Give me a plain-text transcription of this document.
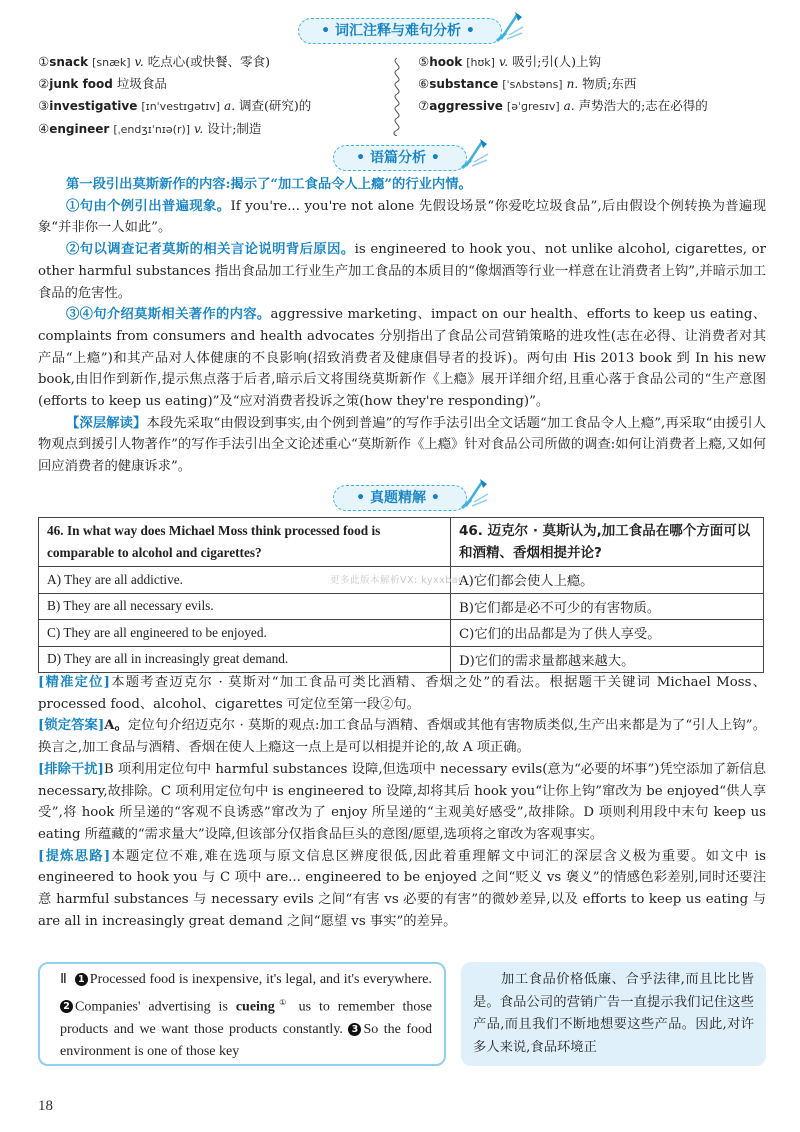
• 词汇注释与难句分析 •
①snack [snæk] v. 吃点心(或快餐、零食)
②junk food 垃圾食品
③investigative [ɪnˈvestɪɡətɪv] a. 调查(研究)的
④engineer [ˌendʒɪˈnɪə(r)] v. 设计;制造
⑤hook [hʊk] v. 吸引;引(人)上钩
⑥substance [ˈsʌbstəns] n. 物质;东西
⑦aggressive [əˈɡresɪv] a. 声势浩大的;志在必得的
• 语篇分析 •

第一段引出莫斯新作的内容:揭示了“加工食品令人上瘾”的行业内情。

①句由个例引出普遍现象。If you're... you're not alone 先假设场景“你爱吃垃圾食品”,后由假设个例转换为普遍现象“并非你一人如此”。

②句以调查记者莫斯的相关言论说明背后原因。is engineered to hook you、not unlike alcohol, cigarettes, or other harmful substances 指出食品加工行业生产加工食品的本质目的“像烟酒等行业一样意在让消费者上钩”,并暗示加工食品的危害性。

③④句介绍莫斯相关著作的内容。aggressive marketing、impact on our health、efforts to keep us eating、complaints from consumers and health advocates 分别指出了食品公司营销策略的进攻性(志在必得、让消费者对其产品“上瘾”)和其产品对人体健康的不良影响(招致消费者及健康倡导者的投诉)。两句由 His 2013 book 到 In his new book,由旧作到新作,提示焦点落于后者,暗示后文将围绕莫斯新作《上瘾》展开详细介绍,且重心落于食品公司的“生产意图(efforts to keep us eating)”及“应对消费者投诉之策(how they're responding)”。

【深层解读】本段先采取“由假设到事实,由个例到普遍”的写作手法引出全文话题“加工食品令人上瘾”,再采取“由援引人物观点到援引人物著作”的写作手法引出全文论述重心“莫斯新作《上瘾》针对食品公司所做的调查:如何让消费者上瘾,又如何回应消费者的健康诉求”。

• 真题精解 •
46. In what way does Michael Moss think processed food is comparable to alcohol and cigarettes?	46. 迈克尔 · 莫斯认为,加工食品在哪个方面可以和酒精、香烟相提并论?
A) They are all addictive.	A)它们都会使人上瘾。
B) They are all necessary evils.	B)它们都是必不可少的有害物质。
C) They are all engineered to be enjoyed.	C)它们的出品都是为了供人享受。
D) They are all in increasingly great demand.	D)它们的需求量都越来越大。
更多此版本解析VX: kyxxbao

[精准定位]本题考查迈克尔 · 莫斯对“加工食品可类比酒精、香烟之处”的看法。根据题干关键词 Michael Moss、processed food、alcohol、cigarettes 可定位至第一段②句。

[锁定答案]A。定位句介绍迈克尔 · 莫斯的观点:加工食品与酒精、香烟或其他有害物质类似,生产出来都是为了“引人上钩”。换言之,加工食品与酒精、香烟在使人上瘾这一点上是可以相提并论的,故 A 项正确。

[排除干扰]B 项利用定位句中 harmful substances 设障,但选项中 necessary evils(意为“必要的坏事”)凭空添加了新信息 necessary,故排除。C 项利用定位句中 is engineered to 设障,却将其后 hook you“让你上钩”窜改为 be enjoyed“供人享受”,将 hook 所呈递的“客观不良诱惑”窜改为了 enjoy 所呈递的“主观美好感受”,故排除。D 项则利用段中末句 keep us eating 所蕴藏的“需求量大”设障,但该部分仅指食品巨头的意图/愿望,选项将之窜改为客观事实。

[提炼思路]本题定位不难,难在选项与原文信息区辨度很低,因此着重理解文中词汇的深层含义极为重要。如文中 is engineered to hook you 与 C 项中 are... engineered to be enjoyed 之间“贬义 vs 褒义”的情感色彩差别,同时还要注意 harmful substances 与 necessary evils 之间“有害 vs 必要的有害”的微妙差异,以及 efforts to keep us eating 与 are all in increasingly great demand 之间“愿望 vs 事实”的差异。

Ⅱ 1 Processed food is inexpensive, it's legal, and it's everywhere. 2 Companies' advertising is cueing① us to remember those products and we want those products constantly. 3 So the food environment is one of those key

加工食品价格低廉、合乎法律,而且比比皆是。食品公司的营销广告一直提示我们记住这些产品,而且我们不断地想要这些产品。因此,对许多人来说,食品环境正

18
